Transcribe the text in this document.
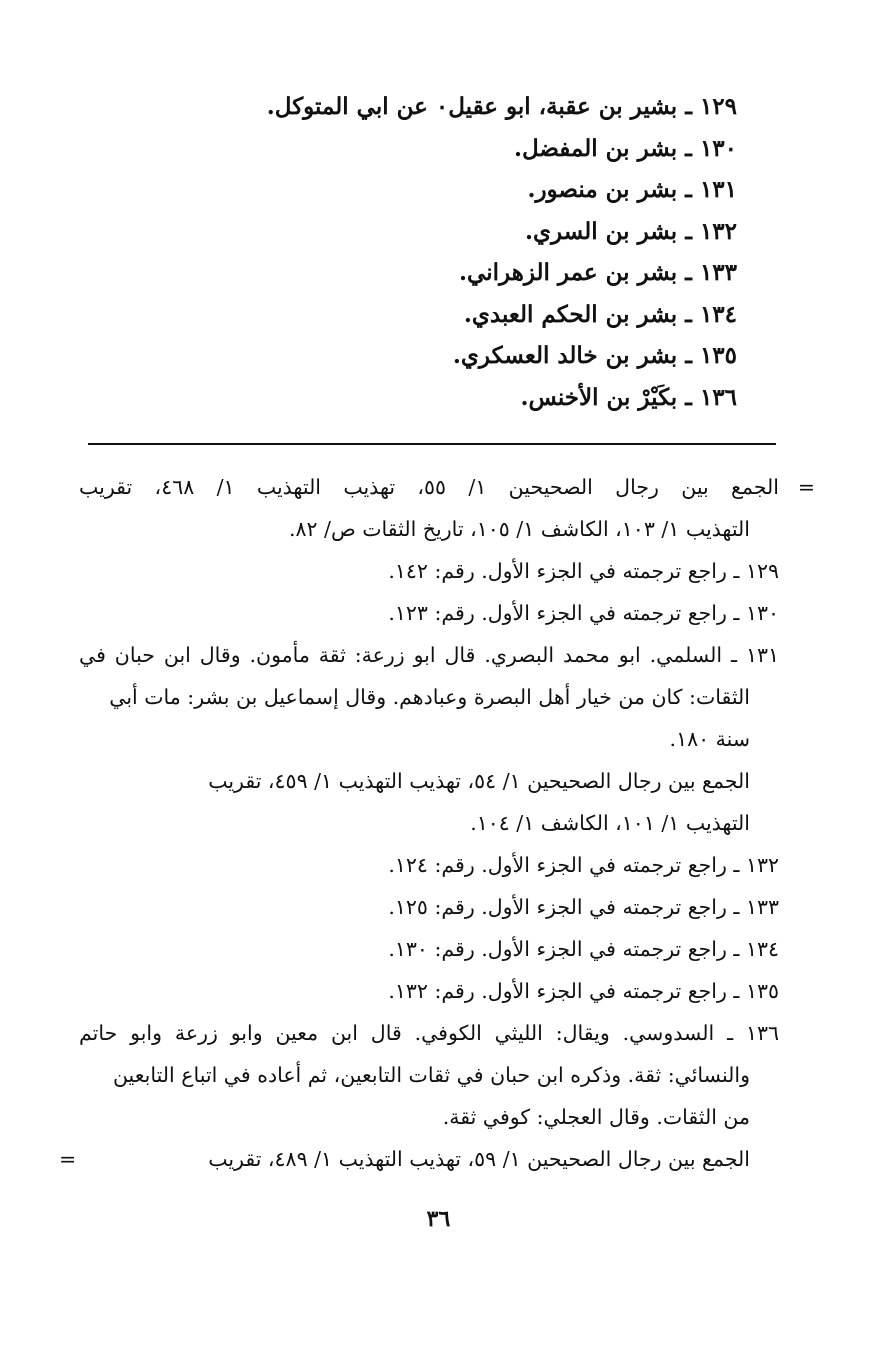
١٢٩ ـ بشير بن عقبة، ابو عقيل٠ عن ابي المتوكل.
١٣٠ ـ بشر بن المفضل.
١٣١ ـ بشر بن منصور.
١٣٢ ـ بشر بن السري.
١٣٣ ـ بشر بن عمر الزهراني.
١٣٤ ـ بشر بن الحكم العبدي.
١٣٥ ـ بشر بن خالد العسكري.
١٣٦ ـ بكَيْرْ بن الأخنس.
=
الجمع بين رجال الصحيحين ١/ ٥٥، تهذيب التهذيب ١/ ٤٦٨، تقريب
التهذيب ١/ ١٠٣، الكاشف ١/ ١٠٥، تاريخ الثقات ص/ ٨٢.
١٢٩ ـ راجع ترجمته في الجزء الأول. رقم: ١٤٢.
١٣٠ ـ راجع ترجمته في الجزء الأول. رقم: ١٢٣.
١٣١ ـ السلمي. ابو محمد البصري. قال ابو زرعة: ثقة مأمون. وقال ابن حبان في
الثقات: كان من خيار أهل البصرة وعبادهم. وقال إسماعيل بن بشر: مات أبي
سنة ١٨٠.
الجمع بين رجال الصحيحين ١/ ٥٤، تهذيب التهذيب ١/ ٤٥٩، تقريب
التهذيب ١/ ١٠١، الكاشف ١/ ١٠٤.
١٣٢ ـ راجع ترجمته في الجزء الأول. رقم: ١٢٤.
١٣٣ ـ راجع ترجمته في الجزء الأول. رقم: ١٢٥.
١٣٤ ـ راجع ترجمته في الجزء الأول. رقم: ١٣٠.
١٣٥ ـ راجع ترجمته في الجزء الأول. رقم: ١٣٢.
١٣٦ ـ السدوسي. ويقال: الليثي الكوفي. قال ابن معين وابو زرعة وابو حاتم
والنسائي: ثقة. وذكره ابن حبان في ثقات التابعين، ثم أعاده في اتباع التابعين
من الثقات. وقال العجلي: كوفي ثقة.
الجمع بين رجال الصحيحين ١/ ٥٩، تهذيب التهذيب ١/ ٤٨٩، تقريب
=
٣٦
